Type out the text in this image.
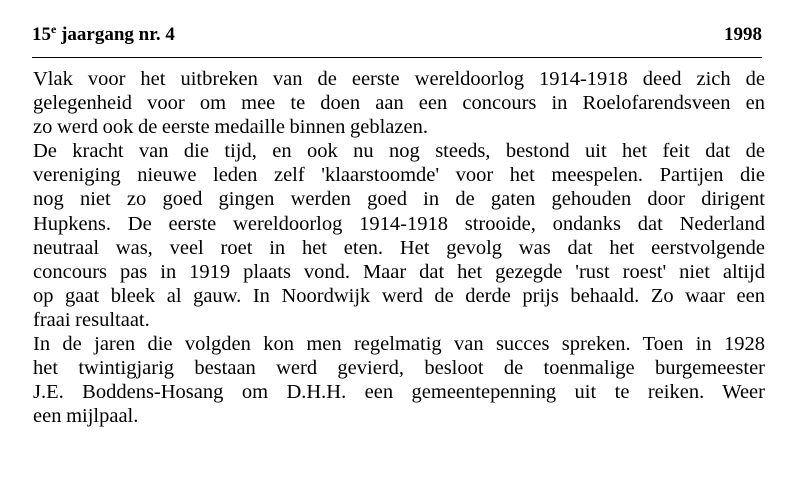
15e jaargang nr. 4	1998
Vlak voor het uitbreken van de eerste wereldoorlog 1914-1918 deed zich de
gelegenheid voor om mee te doen aan een concours in Roelofarendsveen en
zo werd ook de eerste medaille binnen geblazen.
De kracht van die tijd, en ook nu nog steeds, bestond uit het feit dat de
vereniging nieuwe leden zelf 'klaarstoomde' voor het meespelen. Partijen die
nog niet zo goed gingen werden goed in de gaten gehouden door dirigent
Hupkens. De eerste wereldoorlog 1914-1918 strooide, ondanks dat Nederland
neutraal was, veel roet in het eten. Het gevolg was dat het eerstvolgende
concours pas in 1919 plaats vond. Maar dat het gezegde 'rust roest' niet altijd
op gaat bleek al gauw. In Noordwijk werd de derde prijs behaald. Zo waar een
fraai resultaat.
In de jaren die volgden kon men regelmatig van succes spreken. Toen in 1928
het twintigjarig bestaan werd gevierd, besloot de toenmalige burgemeester
J.E. Boddens-Hosang om D.H.H. een gemeentepenning uit te reiken. Weer
een mijlpaal.
